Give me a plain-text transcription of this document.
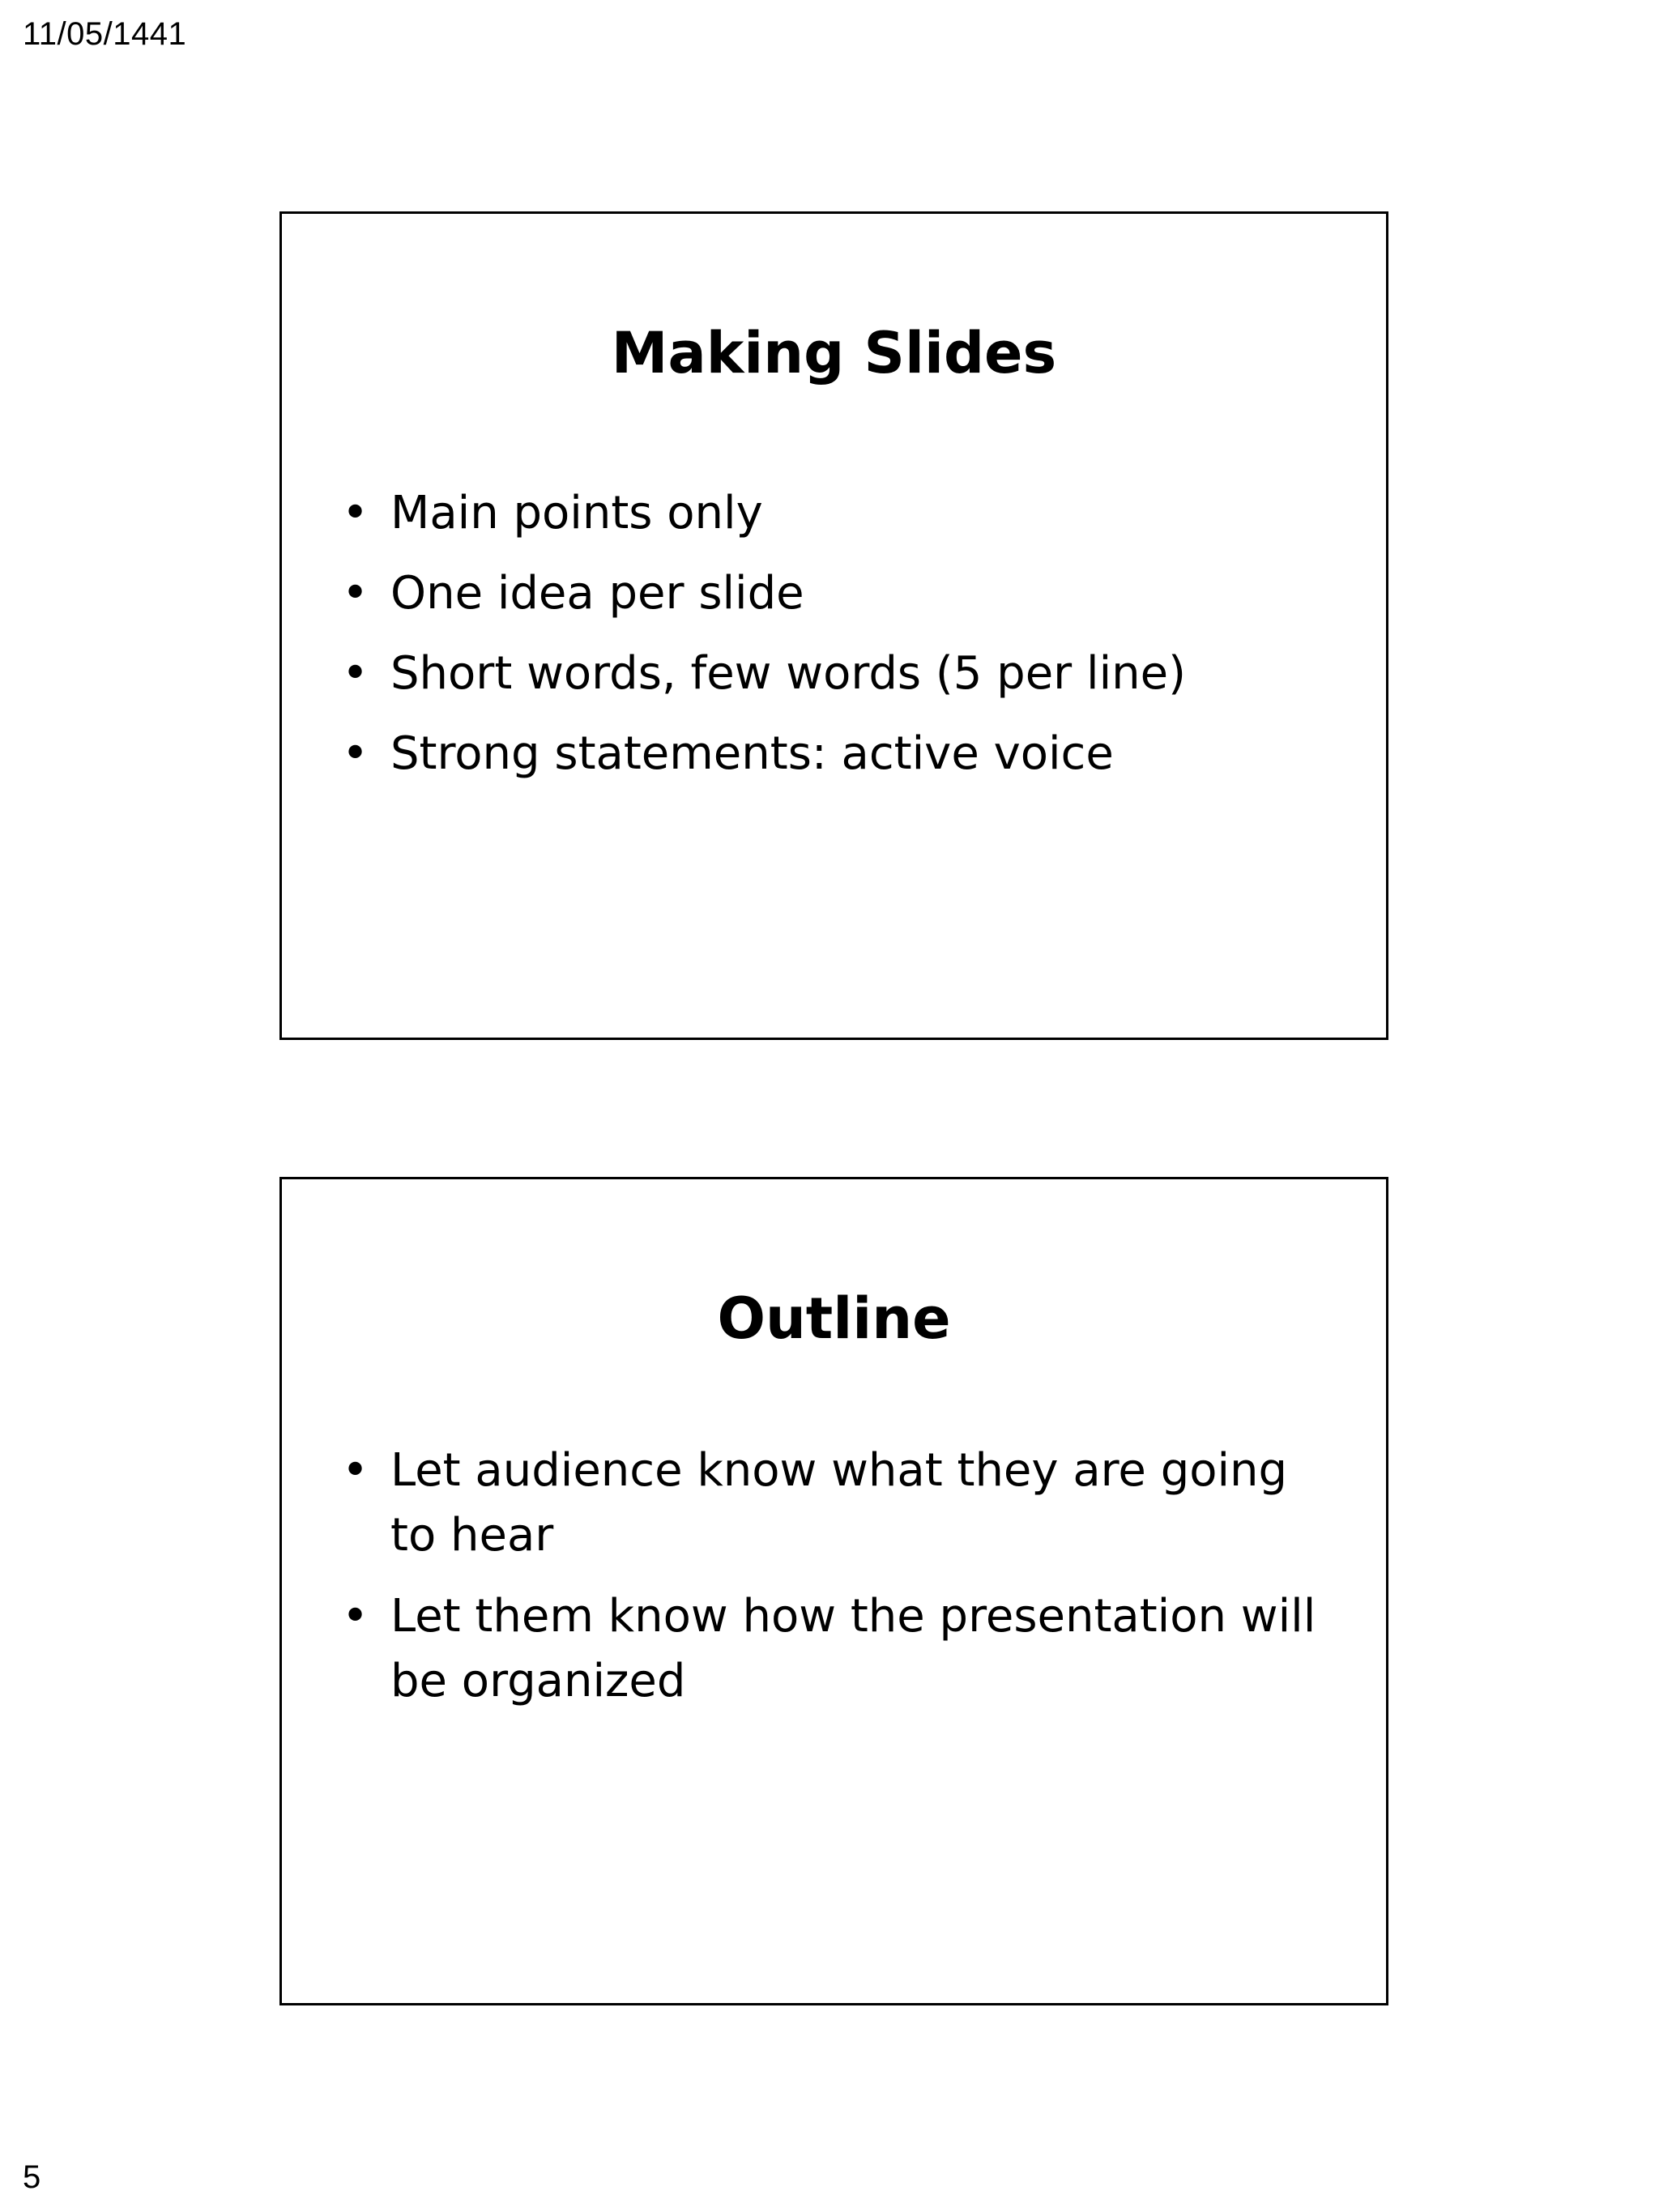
11/05/1441
Making Slides
• Main points only
• One idea per slide
• Short words, few words (5 per line)
• Strong statements: active voice
Outline
• Let audience know what they are going to hear
• Let them know how the presentation will be organized
5
